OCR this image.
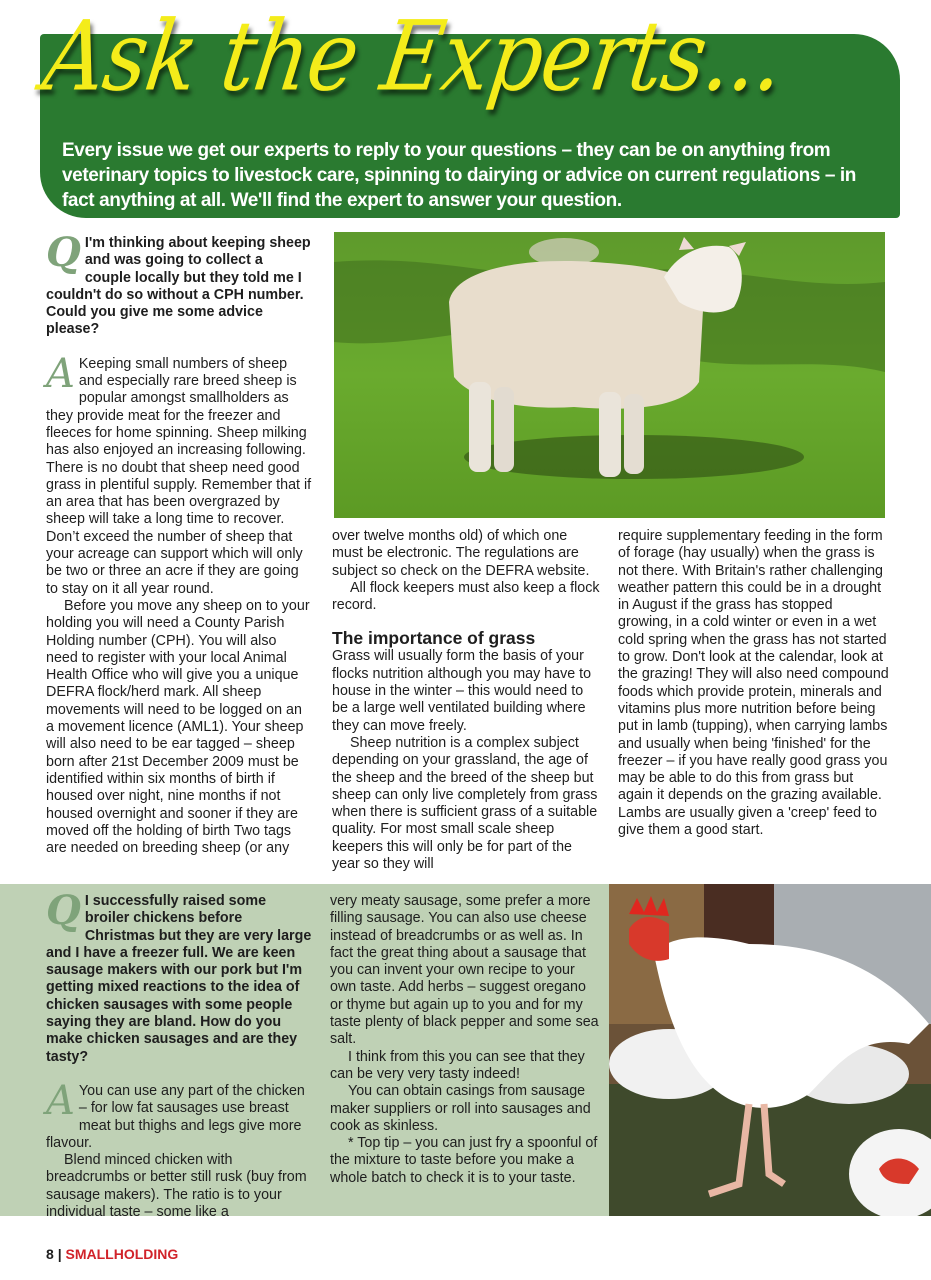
Ask the Experts...
Every issue we get our experts to reply to your questions – they can be on anything from veterinary topics to livestock care, spinning to dairying or advice on current regulations – in fact anything at all. We'll find the expert to answer your question.

Q I'm thinking about keeping sheep and was going to collect a couple locally but they told me I couldn't do so without a CPH number. Could you give me some advice please?

A Keeping small numbers of sheep and especially rare breed sheep is popular amongst smallholders as they provide meat for the freezer and fleeces for home spinning. Sheep milking has also enjoyed an increasing following. There is no doubt that sheep need good grass in plentiful supply. Remember that if an area that has been overgrazed by sheep will take a long time to recover. Don’t exceed the number of sheep that your acreage can support which will only be two or three an acre if they are going to stay on it all year round.

Before you move any sheep on to your holding you will need a County Parish Holding number (CPH). You will also need to register with your local Animal Health Office who will give you a unique DEFRA flock/herd mark. All sheep movements will need to be logged on an a movement licence (AML1). Your sheep will also need to be ear tagged – sheep born after 21st December 2009 must be identified within six months of birth if housed over night, nine months if not housed overnight and sooner if they are moved off the holding of birth Two tags are needed on breeding sheep (or any

over twelve months old) of which one must be electronic. The regulations are subject so check on the DEFRA website.

All flock keepers must also keep a flock record.

The importance of grass

Grass will usually form the basis of your flocks nutrition although you may have to house in the winter – this would need to be a large well ventilated building where they can move freely.

Sheep nutrition is a complex subject depending on your grassland, the age of the sheep and the breed of the sheep but sheep can only live completely from grass when there is sufficient grass of a suitable quality. For most small scale sheep keepers this will only be for part of the year so they will

require supplementary feeding in the form of forage (hay usually) when the grass is not there. With Britain's rather challenging weather pattern this could be in a drought in August if the grass has stopped growing, in a cold winter or even in a wet cold spring when the grass has not started to grow. Don't look at the calendar, look at the grazing! They will also need compound foods which provide protein, minerals and vitamins plus more nutrition before being put in lamb (tupping), when carrying lambs and usually when being 'finished' for the freezer – if you have really good grass you may be able to do this from grass but again it depends on the grazing available. Lambs are usually given a 'creep' feed to give them a good start.

Q I successfully raised some broiler chickens before Christmas but they are very large and I have a freezer full. We are keen sausage makers with our pork but I'm getting mixed reactions to the idea of chicken sausages with some people saying they are bland. How do you make chicken sausages and are they tasty?

A You can use any part of the chicken – for low fat sausages use breast meat but thighs and legs give more flavour.

Blend minced chicken with breadcrumbs or better still rusk (buy from sausage makers). The ratio is to your individual taste – some like a

very meaty sausage, some prefer a more filling sausage. You can also use cheese instead of breadcrumbs or as well as. In fact the great thing about a sausage that you can invent your own recipe to your own taste. Add herbs – suggest oregano or thyme but again up to you and for my taste plenty of black pepper and some sea salt.

I think from this you can see that they can be very very tasty indeed!

You can obtain casings from sausage maker suppliers or roll into sausages and cook as skinless.

* Top tip – you can just fry a spoonful of the mixture to taste before you make a whole batch to check it is to your taste.

8 | SMALLHOLDING
